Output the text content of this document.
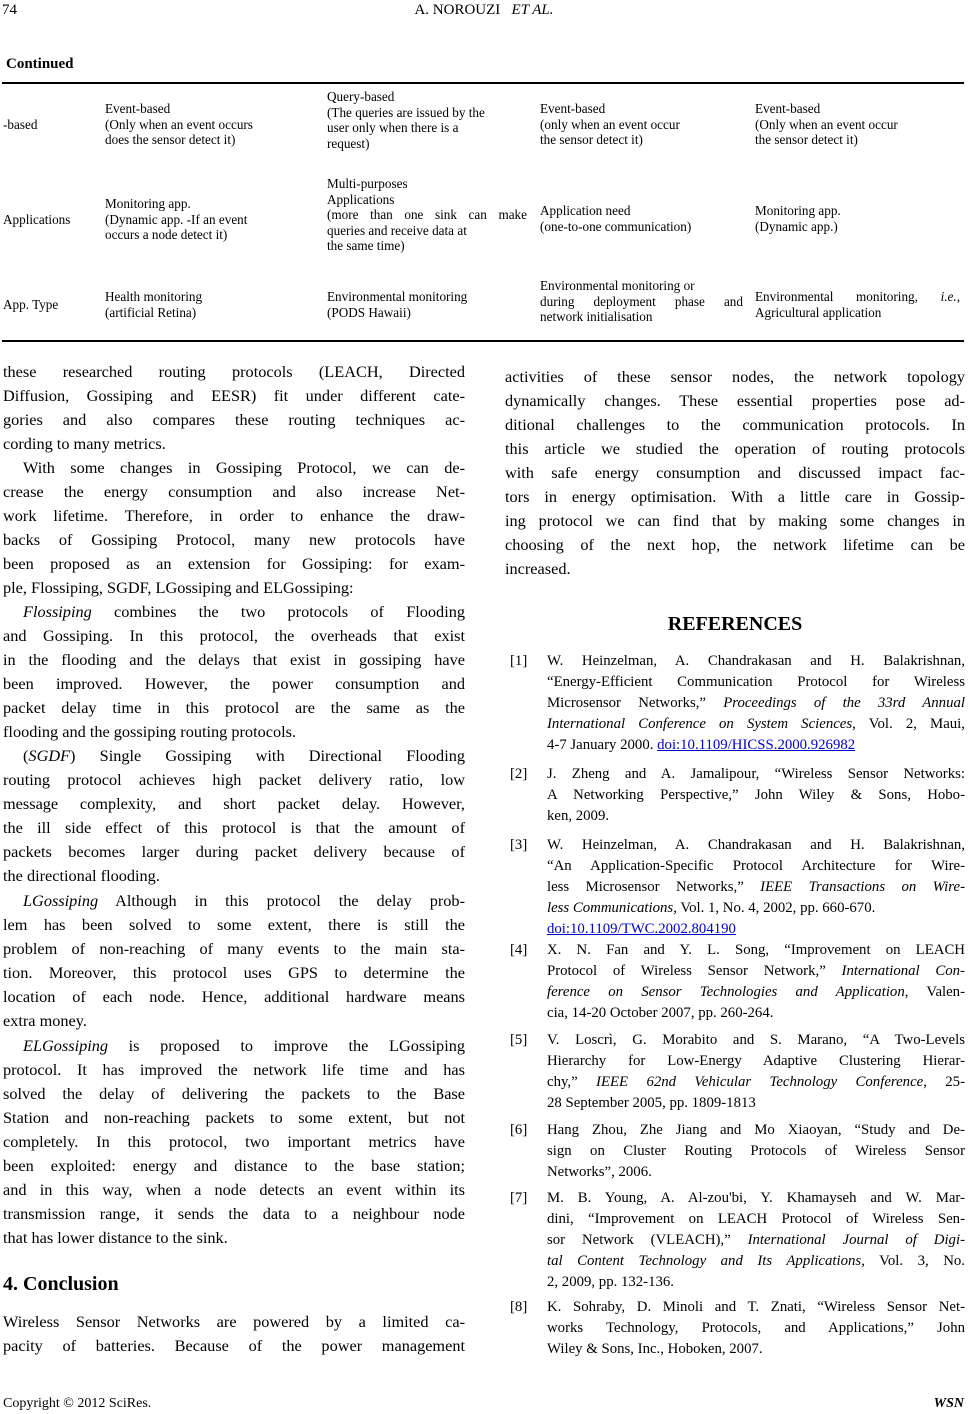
74	A. NOROUZI ET AL.
Continued
-based
Event-based
(Only when an event occurs
does the sensor detect it)
Query-based
(The queries are issued by the
user only when there is a
request)
Event-based
(only when an event occur
the sensor detect it)
Event-based
(Only when an event occur
the sensor detect it)
Applications
Monitoring app.
(Dynamic app. -If an event
occurs a node detect it)
Multi-purposes
Applications
(more than one sink can make
queries and receive data at
the same time)
Application need
(one-to-one communication)
Monitoring app.
(Dynamic app.)
App. Type
Health monitoring
(artificial Retina)
Environmental monitoring
(PODS Hawaii)
Environmental monitoring or
during deployment phase and
network initialisation
Environmental monitoring, i.e.,
Agricultural application
these researched routing protocols (LEACH, Directed
Diffusion, Gossiping and EESR) fit under different cate-
gories and also compares these routing techniques ac-
cording to many metrics.
With some changes in Gossiping Protocol, we can de-
crease the energy consumption and also increase Net-
work lifetime. Therefore, in order to enhance the draw-
backs of Gossiping Protocol, many new protocols have
been proposed as an extension for Gossiping: for exam-
ple, Flossiping, SGDF, LGossiping and ELGossiping:
Flossiping combines the two protocols of Flooding
and Gossiping. In this protocol, the overheads that exist
in the flooding and the delays that exist in gossiping have
been improved. However, the power consumption and
packet delay time in this protocol are the same as the
flooding and the gossiping routing protocols.
(SGDF) Single Gossiping with Directional Flooding
routing protocol achieves high packet delivery ratio, low
message complexity, and short packet delay. However,
the ill side effect of this protocol is that the amount of
packets becomes larger during packet delivery because of
the directional flooding.
LGossiping Although in this protocol the delay prob-
lem has been solved to some extent, there is still the
problem of non-reaching of many events to the main sta-
tion. Moreover, this protocol uses GPS to determine the
location of each node. Hence, additional hardware means
extra money.
ELGossiping is proposed to improve the LGossiping
protocol. It has improved the network life time and has
solved the delay of delivering the packets to the Base
Station and non-reaching packets to some extent, but not
completely. In this protocol, two important metrics have
been exploited: energy and distance to the base station;
and in this way, when a node detects an event within its
transmission range, it sends the data to a neighbour node
that has lower distance to the sink.
4. Conclusion
Wireless Sensor Networks are powered by a limited ca-
pacity of batteries. Because of the power management
activities of these sensor nodes, the network topology
dynamically changes. These essential properties pose ad-
ditional challenges to the communication protocols. In
this article we studied the operation of routing protocols
with safe energy consumption and discussed impact fac-
tors in energy optimisation. With a little care in Gossip-
ing protocol we can find that by making some changes in
choosing of the next hop, the network lifetime can be
increased.
REFERENCES
[1] W. Heinzelman, A. Chandrakasan and H. Balakrishnan,
“Energy-Efficient Communication Protocol for Wireless
Microsensor Networks,” Proceedings of the 33rd Annual
International Conference on System Sciences, Vol. 2, Maui,
4-7 January 2000. doi:10.1109/HICSS.2000.926982
[2] J. Zheng and A. Jamalipour, “Wireless Sensor Networks:
A Networking Perspective,” John Wiley & Sons, Hobo-
ken, 2009.
[3] W. Heinzelman, A. Chandrakasan and H. Balakrishnan,
“An Application-Specific Protocol Architecture for Wire-
less Microsensor Networks,” IEEE Transactions on Wire-
less Communications, Vol. 1, No. 4, 2002, pp. 660-670.
doi:10.1109/TWC.2002.804190
[4] X. N. Fan and Y. L. Song, “Improvement on LEACH
Protocol of Wireless Sensor Network,” International Con-
ference on Sensor Technologies and Application, Valen-
cia, 14-20 October 2007, pp. 260-264.
[5] V. Loscrì, G. Morabito and S. Marano, “A Two-Levels
Hierarchy for Low-Energy Adaptive Clustering Hierar-
chy,” IEEE 62nd Vehicular Technology Conference, 25-
28 September 2005, pp. 1809-1813
[6] Hang Zhou, Zhe Jiang and Mo Xiaoyan, “Study and De-
sign on Cluster Routing Protocols of Wireless Sensor
Networks”, 2006.
[7] M. B. Young, A. Al-zou'bi, Y. Khamayseh and W. Mar-
dini, “Improvement on LEACH Protocol of Wireless Sen-
sor Network (VLEACH),” International Journal of Digi-
tal Content Technology and Its Applications, Vol. 3, No.
2, 2009, pp. 132-136.
[8] K. Sohraby, D. Minoli and T. Znati, “Wireless Sensor Net-
works Technology, Protocols, and Applications,” John
Wiley & Sons, Inc., Hoboken, 2007.
Copyright © 2012 SciRes.	WSN
